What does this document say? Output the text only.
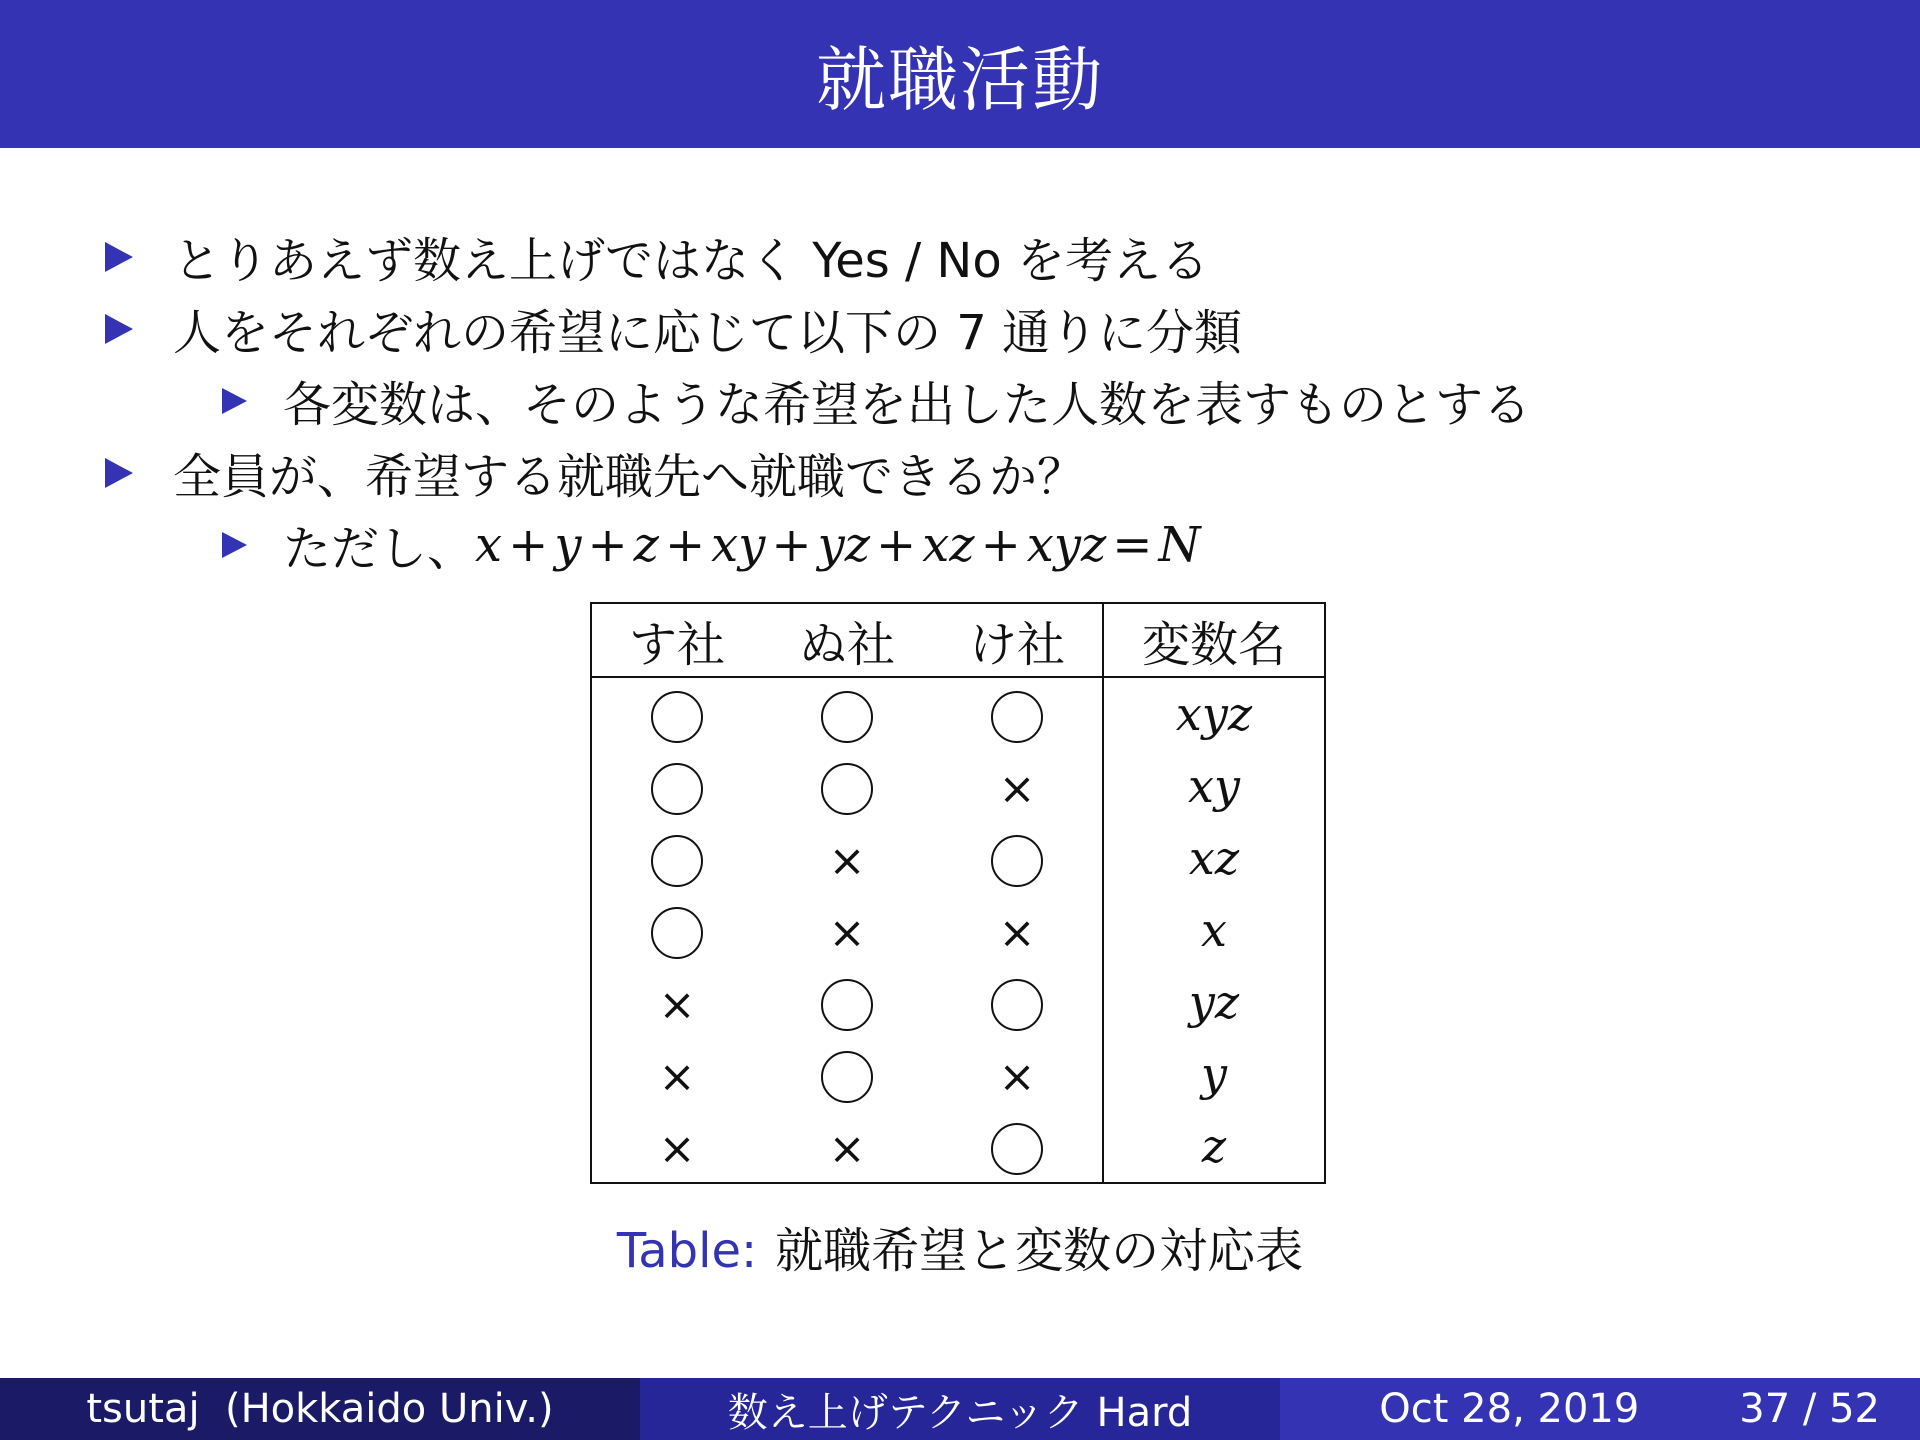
就職活動
とりあえず数え上げではなく Yes / No を考える
人をそれぞれの希望に応じて以下の 7 通りに分類
各変数は、そのような希望を出した人数を表すものとする
全員が、希望する就職先へ就職できるか？
ただし、 x + y + z + xy + yz + xz + xyz = N
す社	ぬ社	け社	変数名
			xyz
		×	xy
	×		xz
	×	×	x
×			yz
×		×	y
×	×		z
Table: 就職希望と変数の対応表
tsutaj  (Hokkaido Univ.)	数え上げテクニック Hard	Oct 28, 2019	37 / 52
